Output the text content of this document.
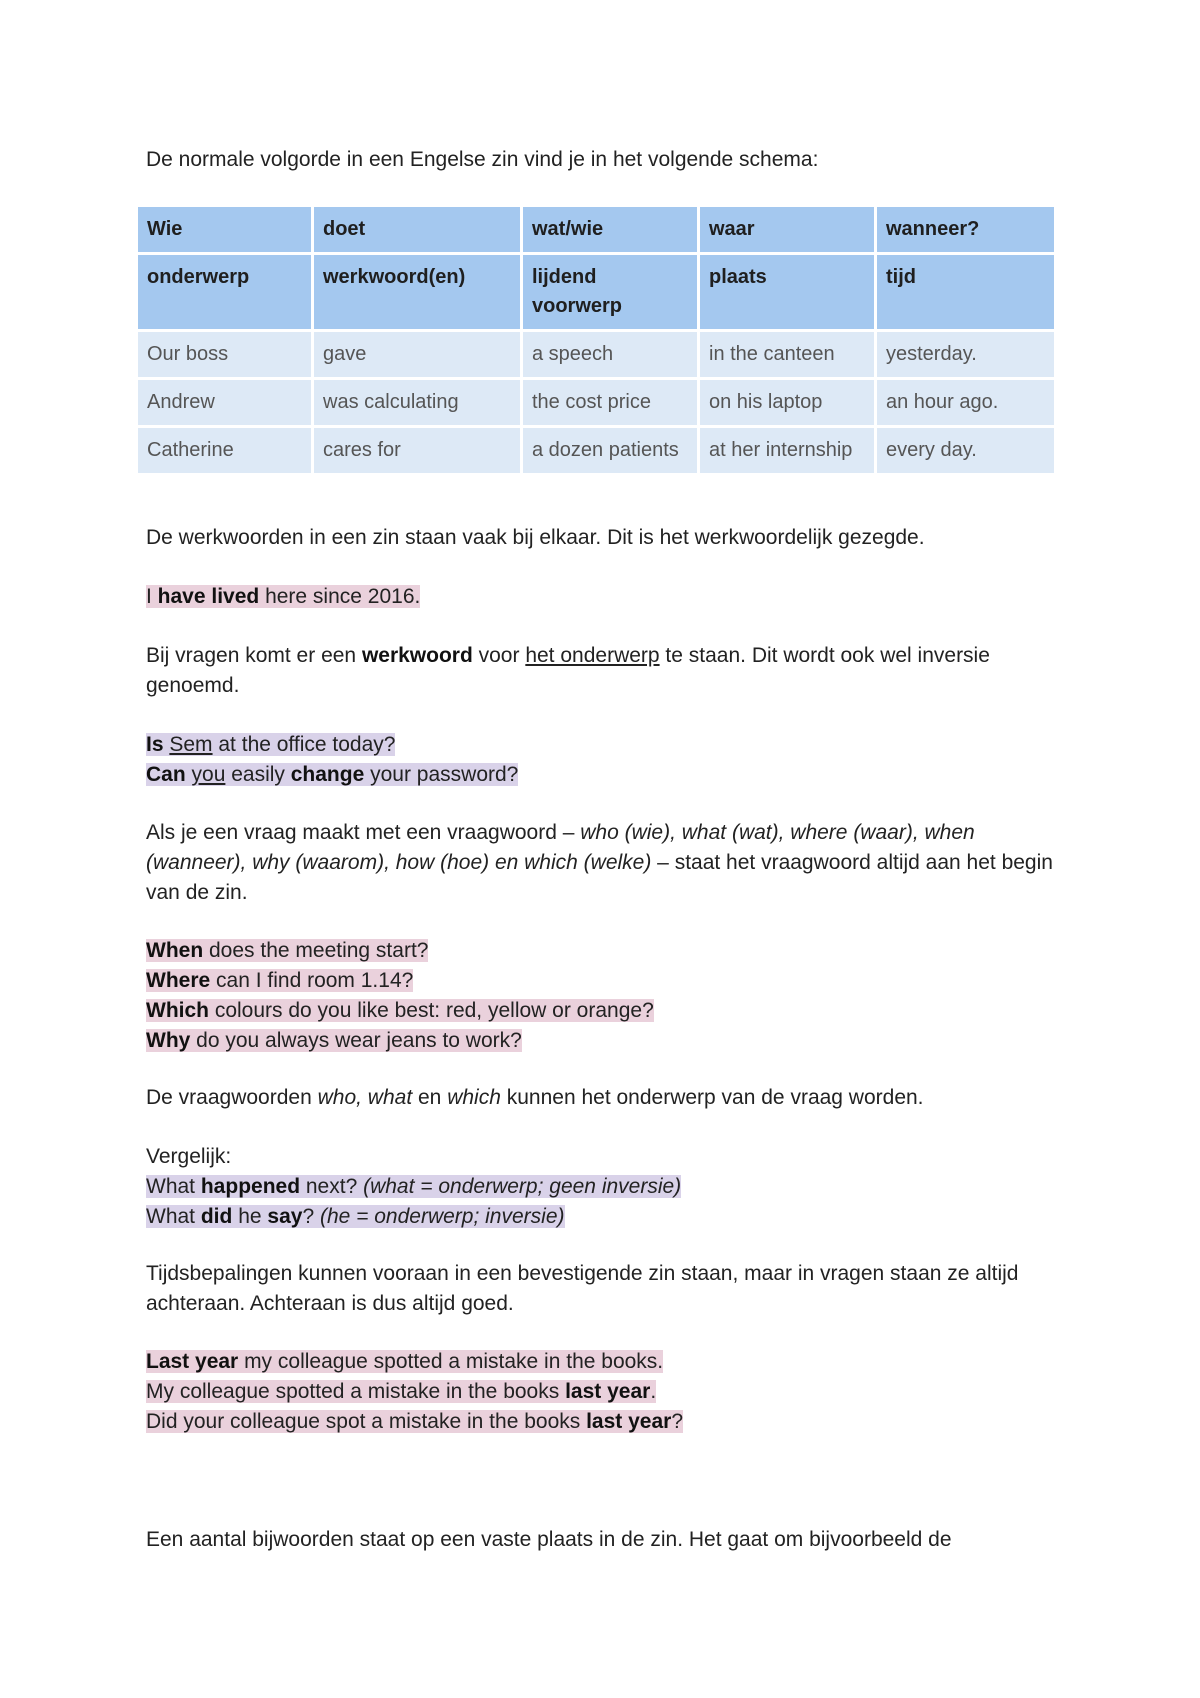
De normale volgorde in een Engelse zin vind je in het volgende schema:
Wie	doet	wat/wie	waar	wanneer?
onderwerp	werkwoord(en)	lijdend voorwerp	plaats	tijd
Our boss	gave	a speech	in the canteen	yesterday.
Andrew	was calculating	the cost price	on his laptop	an hour ago.
Catherine	cares for	a dozen patients	at her internship	every day.
De werkwoorden in een zin staan vaak bij elkaar. Dit is het werkwoordelijk gezegde.
I have lived here since 2016.
Bij vragen komt er een werkwoord voor het onderwerp te staan. Dit wordt ook wel inversie genoemd.
Is Sem at the office today?
Can you easily change your password?
Als je een vraag maakt met een vraagwoord – who (wie), what (wat), where (waar), when (wanneer), why (waarom), how (hoe) en which (welke) – staat het vraagwoord altijd aan het begin van de zin.
When does the meeting start?
Where can I find room 1.14?
Which colours do you like best: red, yellow or orange?
Why do you always wear jeans to work?
De vraagwoorden who, what en which kunnen het onderwerp van de vraag worden.
Vergelijk:
What happened next? (what = onderwerp; geen inversie)
What did he say? (he = onderwerp; inversie)
Tijdsbepalingen kunnen vooraan in een bevestigende zin staan, maar in vragen staan ze altijd achteraan. Achteraan is dus altijd goed.
Last year my colleague spotted a mistake in the books.
My colleague spotted a mistake in the books last year.
Did your colleague spot a mistake in the books last year?
Een aantal bijwoorden staat op een vaste plaats in de zin. Het gaat om bijvoorbeeld de
